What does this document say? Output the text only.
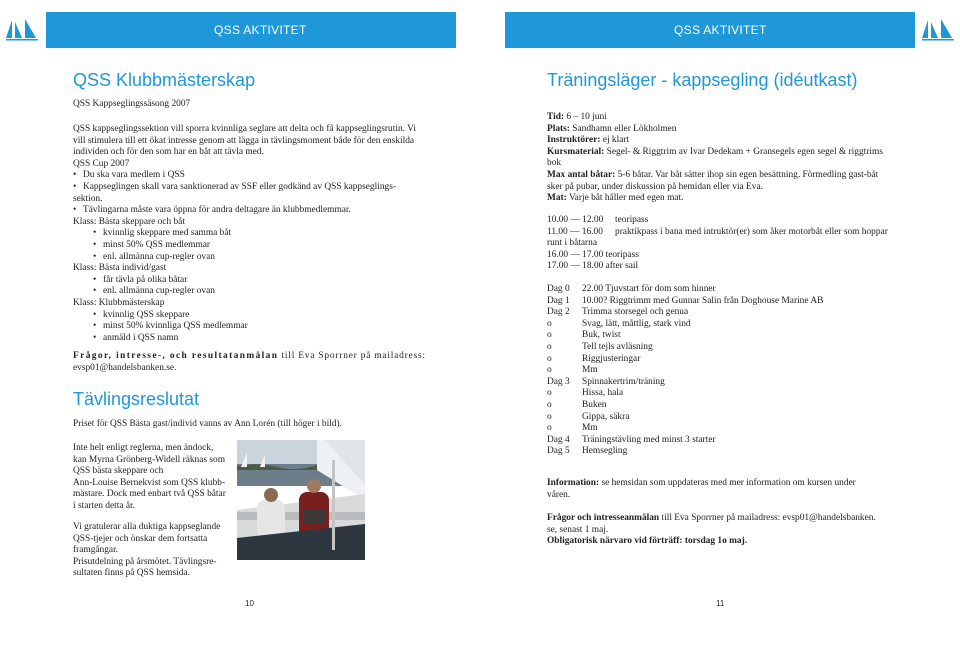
QSS AKTIVITET	QSS AKTIVITET
QSS Klubbmästerskap
QSS Kappseglingssäsong 2007
QSS kappseglingssektion vill sporra kvinnliga seglare att delta och få kappseglingsrutin. Vi
vill stimulera till ett ökat intresse genom att lägga in tävlingsmoment både för den enskilda
individen och för den som har en båt att tävla med.
QSS Cup 2007
• Du ska vara medlem i QSS
• Kappseglingen skall vara sanktionerad av SSF eller godkänd av QSS kappseglings-
sektion.
• Tävlingarna måste vara öppna för andra deltagare än klubbmedlemmar.
Klass: Bästa skeppare och båt
• kvinnlig skeppare med samma båt
• minst 50% QSS medlemmar
• enl. allmänna cup-regler ovan
Klass: Bästa individ/gast
• får tävla på olika båtar
• enl. allmänna cup-regler ovan
Klass: Klubbmästerskap
• kvinnlig QSS skeppare
• minst 50% kvinnliga QSS medlemmar
• anmäld i QSS namn
Frågor, intresse-, och resultatanmälan till Eva Sporrner på mailadress:
evsp01@handelsbanken.se.
Tävlingsreslutat
Priset för QSS Bästa gast/individ vanns av Ann Lorén (till höger i bild).
Inte helt enligt reglerna, men ändock,
kan Myrna Grönberg-Widell räknas som
QSS bästa skeppare och
Ann-Louise Bernekvist som QSS klubb-
mästare. Dock med enbart två QSS båtar
i starten detta år.
Vi gratulerar alla duktiga kappseglande
QSS-tjejer och önskar dem fortsatta
framgångar.
Prisutdelning på årsmötet. Tävlingsre-
sultaten finns på QSS hemsida.
10
Träningsläger - kappsegling (idéutkast)
Tid: 6 – 10 juni
Plats: Sandhamn eller Lökholmen
Instruktörer: ej klart
Kursmaterial: Segel- & Riggtrim av Ivar Dedekam + Gransegels egen segel & riggtrims
bok
Max antal båtar: 5-6 båtar. Var båt sätter ihop sin egen besättning. Förmedling gast-båt
sker på pubar, under diskussion på hemidan eller via Eva.
Mat: Varje båt håller med egen mat.
10.00 — 12.00 teoripass
11.00 — 16.00 praktikpass i bana med intruktör(er) som åker motorbåt eller som hoppar
runt i båtarna
16.00 — 17.00 teoripass
17.00 — 18.00 after sail
Dag 0 22.00 Tjuvstart för dom som hinner
Dag 1 10.00? Riggtrimm med Gunnar Salin från Doghouse Marine AB
Dag 2 Trimma storsegel och genua
o	Svag, lätt, måttlig, stark vind
o	Buk, twist
o	Tell tejls avläsning
o	Riggjusteringar
o	Mm
Dag 3 Spinnakertrim/träning
o	Hissa, hala
o	Buken
o	Gippa, säkra
o	Mm
Dag 4 Träningstävling med minst 3 starter
Dag 5 Hemsegling
Information: se hemsidan som uppdateras med mer information om kursen under
våren.
Frågor och intresseanmälan till Eva Sporrner på mailadress: evsp01@handelsbanken.
se, senast 1 maj.
Obligatorisk närvaro vid förträff: torsdag 1o maj.
11
